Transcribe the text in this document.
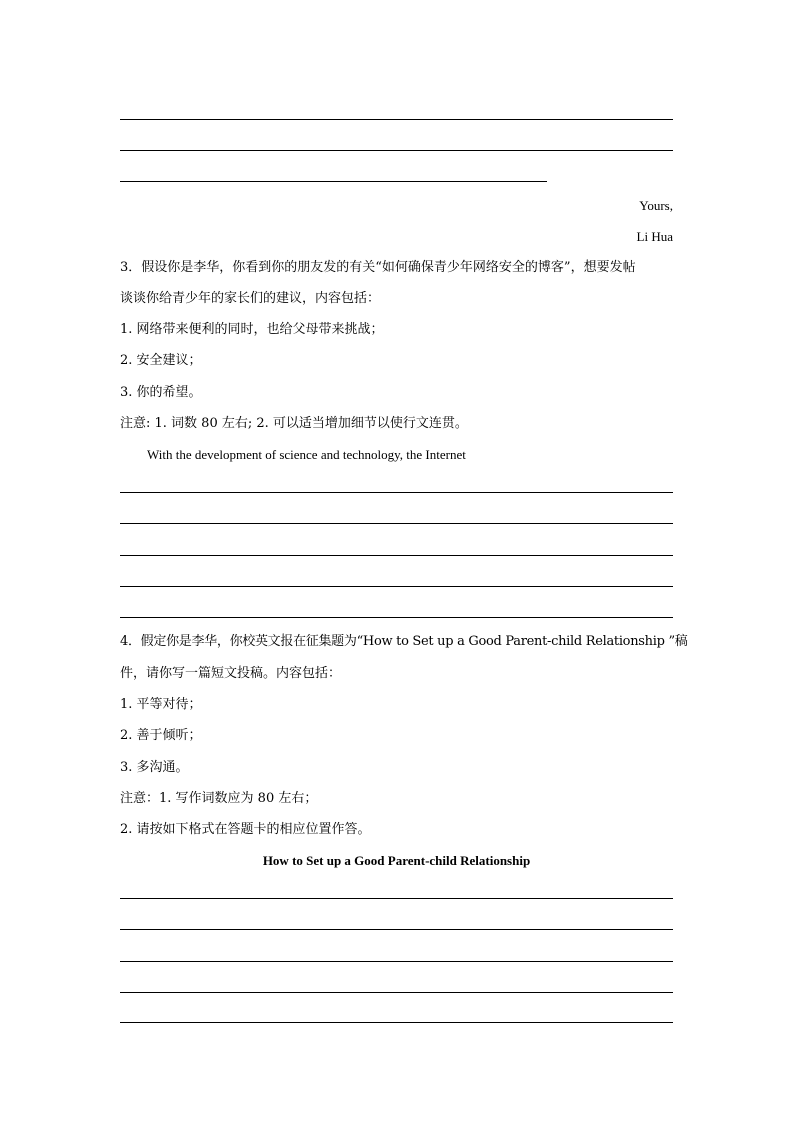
Yours,
Li Hua
3．假设你是李华，你看到你的朋友发的有关“如何确保青少年网络安全的博客”，想要发帖
谈谈你给青少年的家长们的建议，内容包括：
1. 网络带来便利的同时，也给父母带来挑战；
2. 安全建议；
3. 你的希望。
注意: 1. 词数 80 左右; 2. 可以适当增加细节以使行文连贯。
With the development of science and technology, the Internet
4．假定你是李华，你校英文报在征集题为“How to Set up a Good Parent-child Relationship ”稿
件，请你写一篇短文投稿。内容包括：
1. 平等对待；
2. 善于倾听；
3. 多沟通。
注意：1. 写作词数应为 80 左右；
2. 请按如下格式在答题卡的相应位置作答。
How to Set up a Good Parent-child Relationship
